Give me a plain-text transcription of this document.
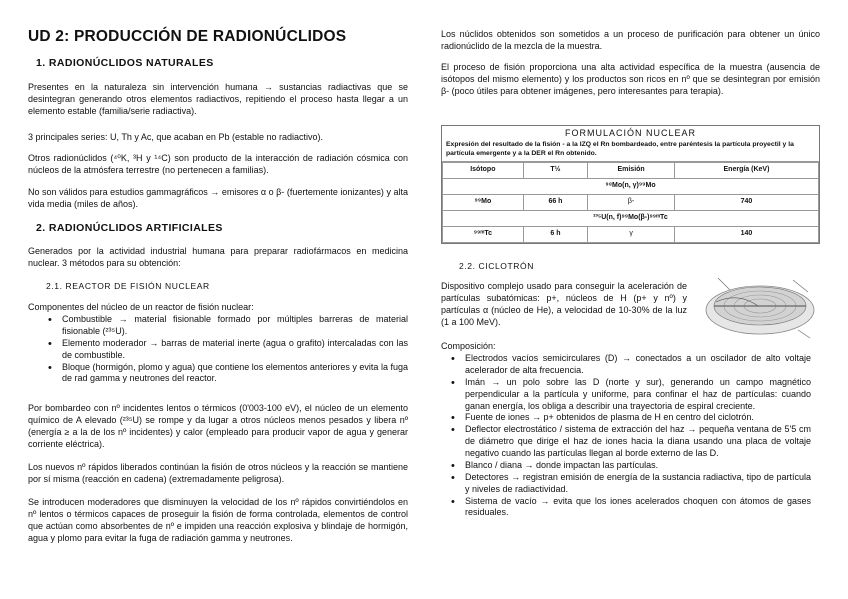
UD 2: PRODUCCIÓN DE RADIONÚCLIDOS
1. RADIONÚCLIDOS NATURALES
Presentes en la naturaleza sin intervención humana → sustancias radiactivas que se desintegran generando otros elementos radiactivos, repitiendo el proceso hasta llegar a un elemento estable (familia/serie radiactiva).
3 principales series: U, Th y Ac, que acaban en Pb (estable no radiactivo).
Otros radionúclidos (⁴⁰K, ³H y ¹⁴C) son producto de la interacción de radiación cósmica con núcleos de la atmósfera terrestre (no pertenecen a familias).
No son válidos para estudios gammagráficos → emisores α o β- (fuertemente ionizantes) y alta vida media (miles de años).
2. RADIONÚCLIDOS ARTIFICIALES
Generados por la actividad industrial humana para preparar radiofármacos en medicina nuclear. 3 métodos para su obtención:
2.1. REACTOR DE FISIÓN NUCLEAR
Componentes del núcleo de un reactor de fisión nuclear:
• Combustible → material fisionable formado por múltiples barreras de material fisionable (²³⁵U).
• Elemento moderador → barras de material inerte (agua o grafito) intercaladas con las de combustible.
• Bloque (hormigón, plomo y agua) que contiene los elementos anteriores y evita la fuga de rad gamma y neutrones del reactor.
Por bombardeo con nº incidentes lentos o térmicos (0'003-100 eV), el núcleo de un elemento químico de A elevado (²³⁵U) se rompe y da lugar a otros núcleos menos pesados y libera nº (energía ≥ a la de los nº incidentes) y calor (empleado para producir vapor de agua y generar corriente eléctrica).
Los nuevos nº rápidos liberados continúan la fisión de otros núcleos y la reacción se mantiene por sí misma (reacción en cadena) (extremadamente peligrosa).
Se introducen moderadores que disminuyen la velocidad de los nº rápidos convirtiéndolos en nº lentos o térmicos capaces de proseguir la fisión de forma controlada, elementos de control que actúan como absorbentes de nº e impiden una reacción explosiva y blindaje de hormigón, agua y plomo para evitar la fuga de radiación gamma y neutrones.
Los núclidos obtenidos son sometidos a un proceso de purificación para obtener un único radionúclido de la mezcla de la muestra.
El proceso de fisión proporciona una alta actividad específica de la muestra (ausencia de isótopos del mismo elemento) y los productos son ricos en nº que se desintegran por emisión β- (poco útiles para obtener imágenes, pero interesantes para terapia).
FORMULACIÓN NUCLEAR
Expresión del resultado de la fisión - a la IZQ el Rn bombardeado, entre paréntesis la partícula proyectil y la partícula emergente y a la DER el Rn obtenido.
Isótopo	T½	Emisión	Energía (KeV)
⁹⁸Mo(n, γ)⁹⁹Mo			
⁹⁹Mo	66 h	β-	740
²³⁵U(n, f)⁹⁹Mo(β-)⁹⁹ᵐTc			
⁹⁹ᵐTc	6 h	γ	140
2.2. CICLOTRÓN
Dispositivo complejo usado para conseguir la aceleración de partículas subatómicas: p+, núcleos de H (p+ y nº) y partículas α (núcleo de He), a velocidad de 10-30% de la luz (1 a 100 MeV).
Composición:
• Electrodos vacíos semicirculares (D) → conectados a un oscilador de alto voltaje acelerador de alta frecuencia.
• Imán → un polo sobre las D (norte y sur), generando un campo magnético perpendicular a la partícula y uniforme, para confinar el haz de partículas: cuando ganan energía, los obliga a describir una trayectoria de espiral creciente.
• Fuente de iones → p+ obtenidos de plasma de H en centro del ciclotrón.
• Deflector electrostático / sistema de extracción del haz → pequeña ventana de 5'5 cm de diámetro que dirige el haz de iones hacia la diana usando una placa de voltaje negativo cuando las partículas llegan al borde externo de las D.
• Blanco / diana → donde impactan las partículas.
• Detectores → registran emisión de energía de la sustancia radiactiva, tipo de partícula y niveles de radiactividad.
• Sistema de vacío → evita que los iones acelerados choquen con átomos de gases residuales.
